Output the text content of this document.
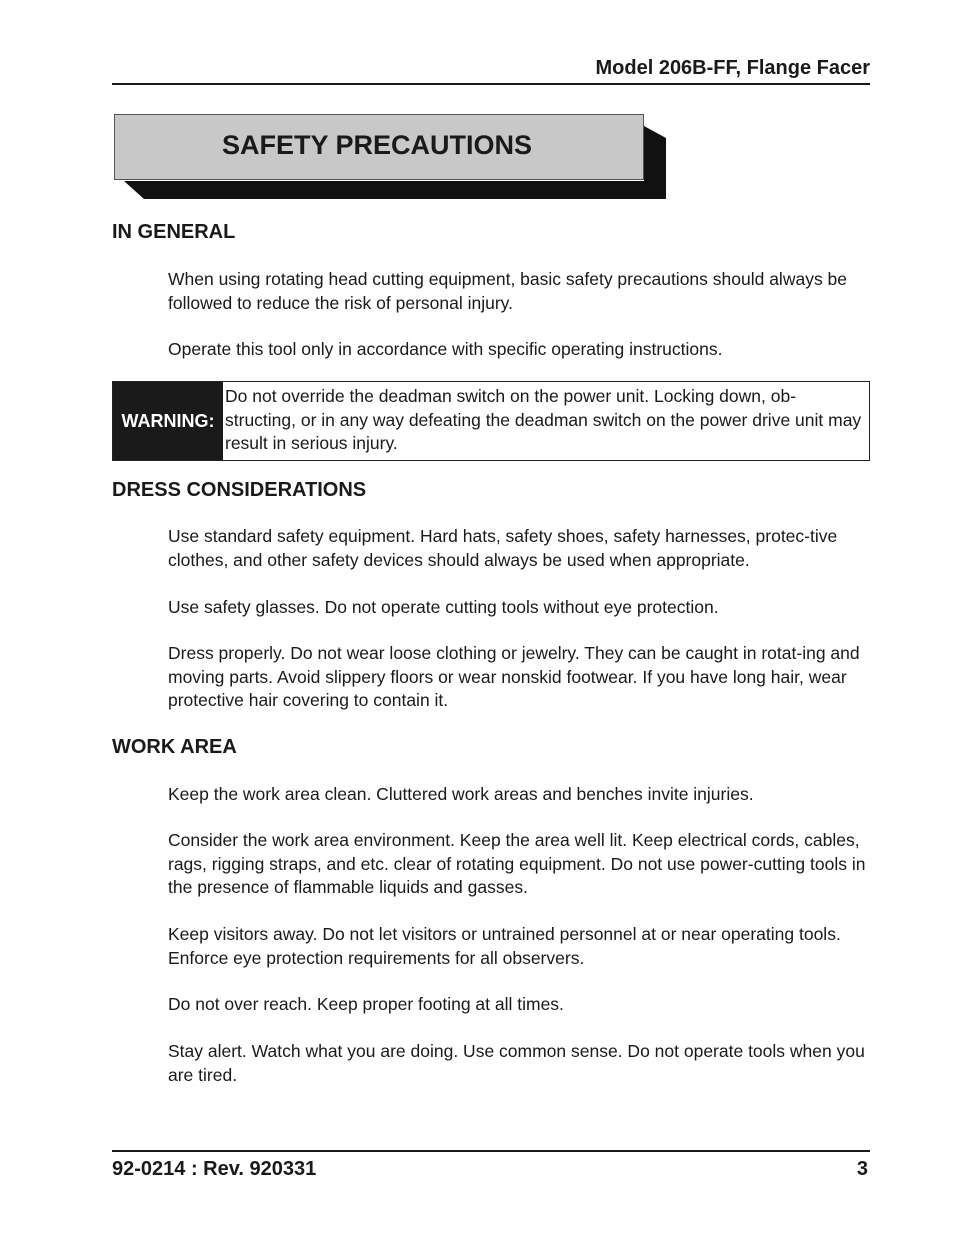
Model 206B-FF, Flange Facer
SAFETY PRECAUTIONS
IN GENERAL
When using rotating head cutting equipment, basic safety precautions should always be followed to reduce the risk of personal injury.
Operate this tool only in accordance with specific operating instructions.
WARNING:
Do not override the deadman switch on the power unit. Locking down, ob-structing, or in any way defeating the deadman switch on the power drive unit may result in serious injury.
DRESS CONSIDERATIONS
Use standard safety equipment. Hard hats, safety shoes, safety harnesses, protec-tive clothes, and other safety devices should always be used when appropriate.
Use safety glasses. Do not operate cutting tools without eye protection.
Dress properly. Do not wear loose clothing or jewelry. They can be caught in rotat-ing and moving parts. Avoid slippery floors or wear nonskid footwear. If you have long hair, wear protective hair covering to contain it.
WORK AREA
Keep the work area clean. Cluttered work areas and benches invite injuries.
Consider the work area environment. Keep the area well lit. Keep electrical cords, cables, rags, rigging straps, and etc. clear of rotating equipment. Do not use power-cutting tools in the presence of flammable liquids and gasses.
Keep visitors away. Do not let visitors or untrained personnel at or near operating tools. Enforce eye protection requirements for all observers.
Do not over reach. Keep proper footing at all times.
Stay alert. Watch what you are doing. Use common sense. Do not operate tools when you are tired.
92-0214 : Rev. 920331	3
